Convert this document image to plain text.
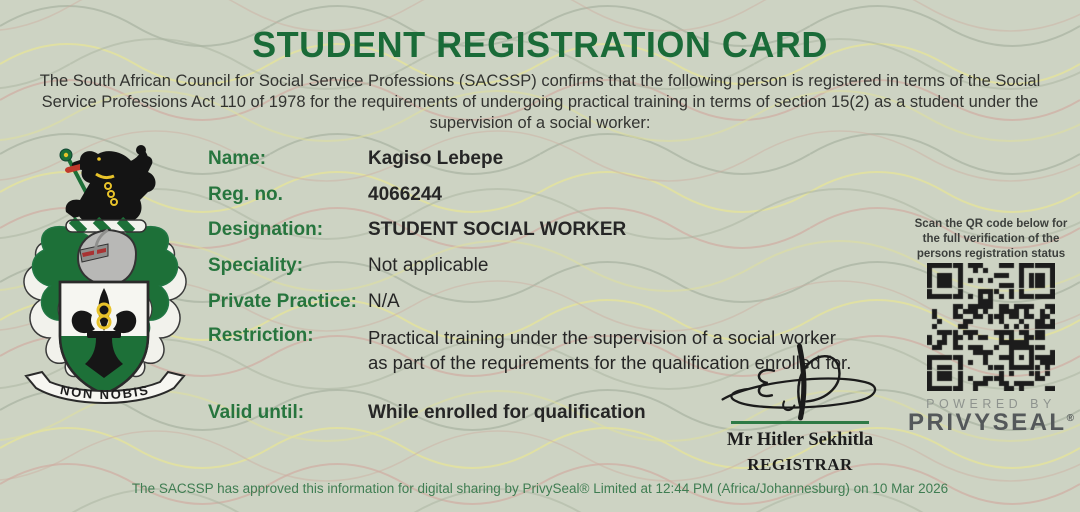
STUDENT REGISTRATION CARD

The South African Council for Social Service Professions (SACSSP) confirms that the following person is registered in terms of the Social Service Professions Act 110 of 1978 for the requirements of undergoing practical training in terms of section 15(2) as a student under the supervision of a social worker:

NON NOBIS
Name:	Kagiso Lebepe
Reg. no.	4066244
Designation:	STUDENT SOCIAL WORKER
Speciality:	Not applicable
Private Practice: N/A
Restriction:	Practical training under the supervision of a social worker
as part of the requirements for the qualification enrolled for.
Valid until:	While enrolled for qualification
Mr Hitler Sekhitla
REGISTRAR
Scan the QR code below for the full verification of the persons registration status
POWERED BY
PRIVYSEAL®
The SACSSP has approved this information for digital sharing by PrivySeal® Limited at 12:44 PM (Africa/Johannesburg) on 10 Mar 2026
